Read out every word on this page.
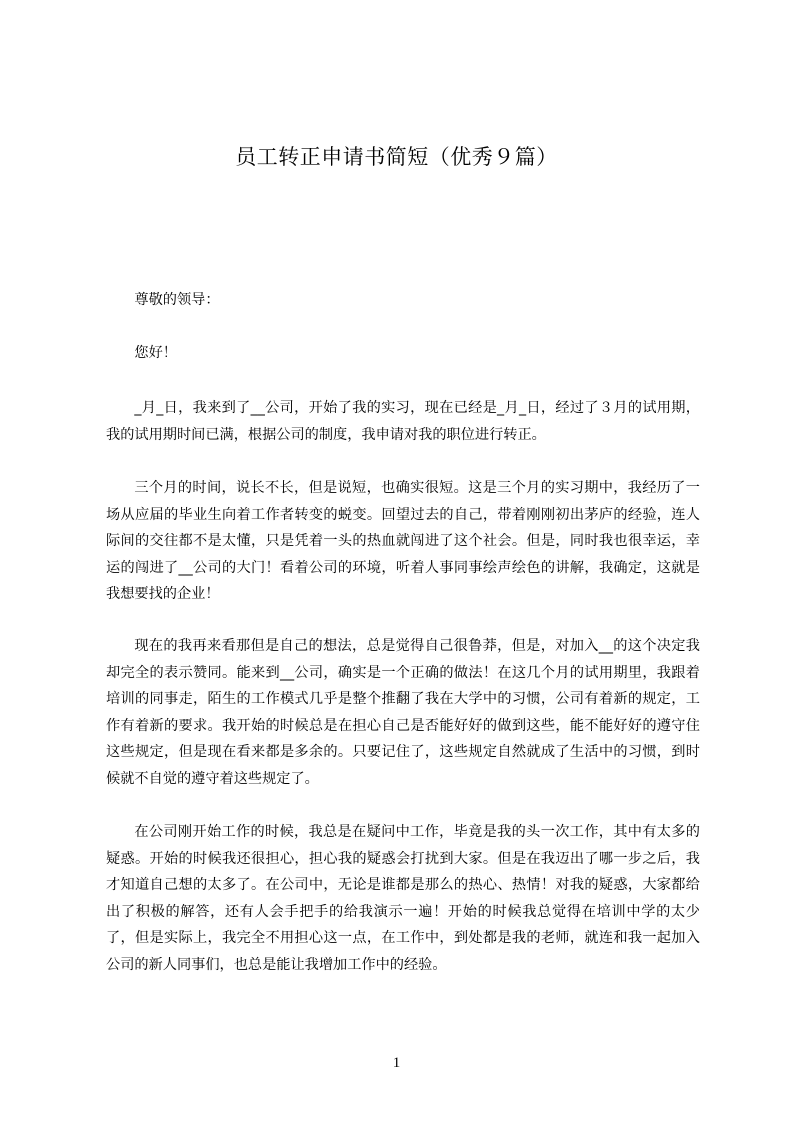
员工转正申请书简短（优秀９篇）

尊敬的领导：

您好！

_月_日，我来到了__公司，开始了我的实习，现在已经是_月_日，经过了３月的试用期，我的试用期时间已满，根据公司的制度，我申请对我的职位进行转正。

三个月的时间，说长不长，但是说短，也确实很短。这是三个月的实习期中，我经历了一场从应届的毕业生向着工作者转变的蜕变。回望过去的自己，带着刚刚初出茅庐的经验，连人际间的交往都不是太懂，只是凭着一头的热血就闯进了这个社会。但是，同时我也很幸运，幸运的闯进了__公司的大门！看着公司的环境，听着人事同事绘声绘色的讲解，我确定，这就是我想要找的企业！

现在的我再来看那但是自己的想法，总是觉得自己很鲁莽，但是，对加入__的这个决定我却完全的表示赞同。能来到__公司，确实是一个正确的做法！在这几个月的试用期里，我跟着培训的同事走，陌生的工作模式几乎是整个推翻了我在大学中的习惯，公司有着新的规定，工作有着新的要求。我开始的时候总是在担心自己是否能好好的做到这些，能不能好好的遵守住这些规定，但是现在看来都是多余的。只要记住了，这些规定自然就成了生活中的习惯，到时候就不自觉的遵守着这些规定了。

在公司刚开始工作的时候，我总是在疑问中工作，毕竟是我的头一次工作，其中有太多的疑惑。开始的时候我还很担心，担心我的疑惑会打扰到大家。但是在我迈出了哪一步之后，我才知道自己想的太多了。在公司中，无论是谁都是那么的热心、热情！对我的疑惑，大家都给出了积极的解答，还有人会手把手的给我演示一遍！开始的时候我总觉得在培训中学的太少了，但是实际上，我完全不用担心这一点，在工作中，到处都是我的老师，就连和我一起加入公司的新人同事们，也总是能让我增加工作中的经验。

1
